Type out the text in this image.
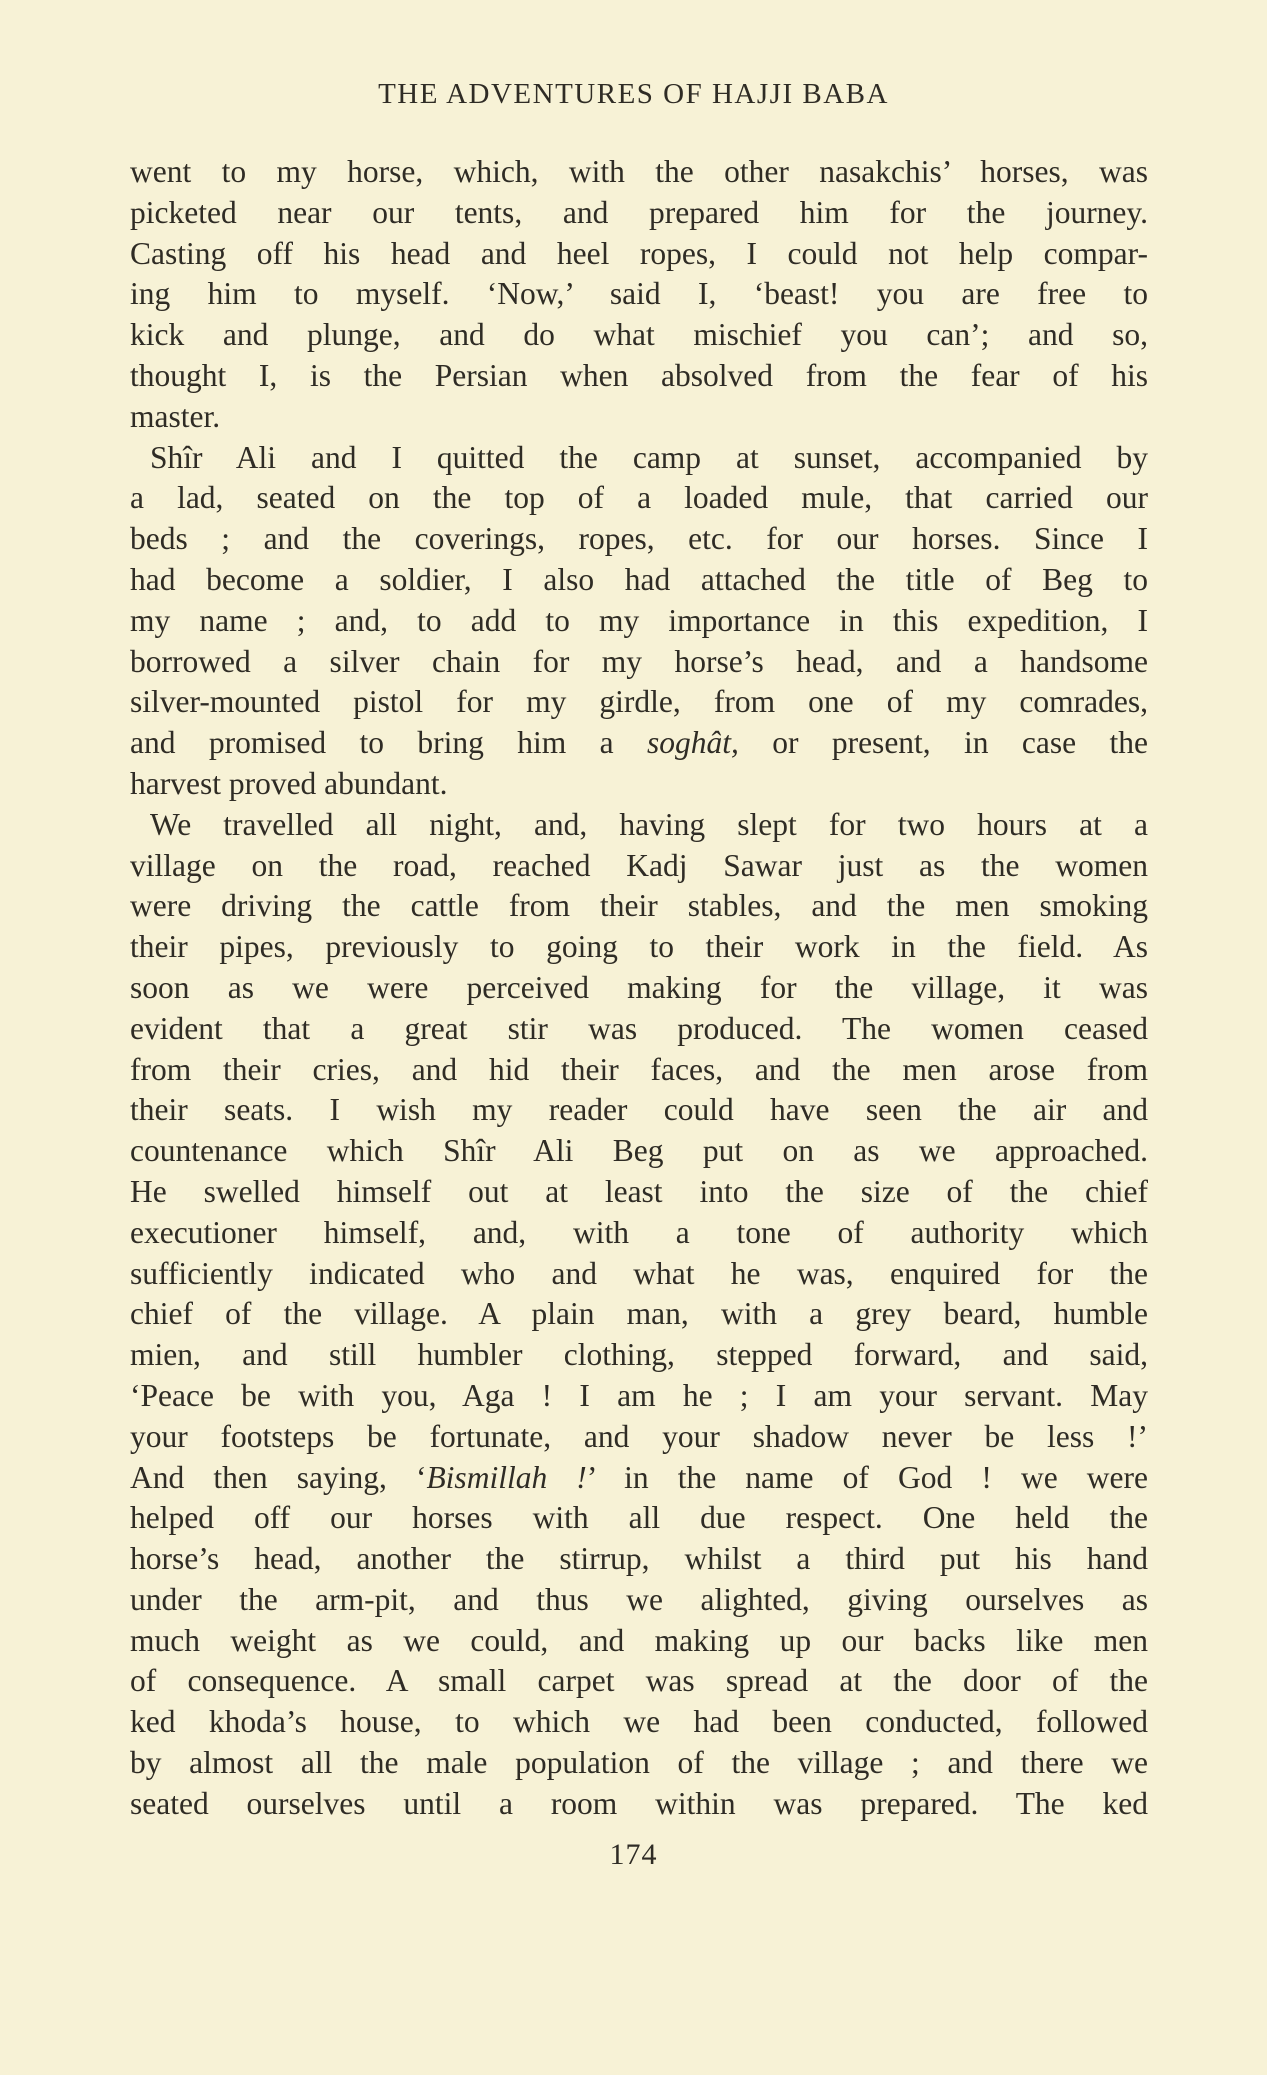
THE ADVENTURES OF HAJJI BABA
went to my horse, which, with the other nasakchis’ horses, was
picketed near our tents, and prepared him for the journey.
Casting off his head and heel ropes, I could not help compar-
ing him to myself. ‘Now,’ said I, ‘beast! you are free to
kick and plunge, and do what mischief you can’; and so,
thought I, is the Persian when absolved from the fear of his
master.
Shîr Ali and I quitted the camp at sunset, accompanied by
a lad, seated on the top of a loaded mule, that carried our
beds ; and the coverings, ropes, etc. for our horses. Since I
had become a soldier, I also had attached the title of Beg to
my name ; and, to add to my importance in this expedition, I
borrowed a silver chain for my horse’s head, and a handsome
silver-mounted pistol for my girdle, from one of my comrades,
and promised to bring him a soghât, or present, in case the
harvest proved abundant.
We travelled all night, and, having slept for two hours at a
village on the road, reached Kadj Sawar just as the women
were driving the cattle from their stables, and the men smoking
their pipes, previously to going to their work in the field. As
soon as we were perceived making for the village, it was
evident that a great stir was produced. The women ceased
from their cries, and hid their faces, and the men arose from
their seats. I wish my reader could have seen the air and
countenance which Shîr Ali Beg put on as we approached.
He swelled himself out at least into the size of the chief
executioner himself, and, with a tone of authority which
sufficiently indicated who and what he was, enquired for the
chief of the village. A plain man, with a grey beard, humble
mien, and still humbler clothing, stepped forward, and said,
‘Peace be with you, Aga ! I am he ; I am your servant. May
your footsteps be fortunate, and your shadow never be less !’
And then saying, ‘Bismillah !’ in the name of God ! we were
helped off our horses with all due respect. One held the
horse’s head, another the stirrup, whilst a third put his hand
under the arm-pit, and thus we alighted, giving ourselves as
much weight as we could, and making up our backs like men
of consequence. A small carpet was spread at the door of the
ked khoda’s house, to which we had been conducted, followed
by almost all the male population of the village ; and there we
seated ourselves until a room within was prepared. The ked
174
